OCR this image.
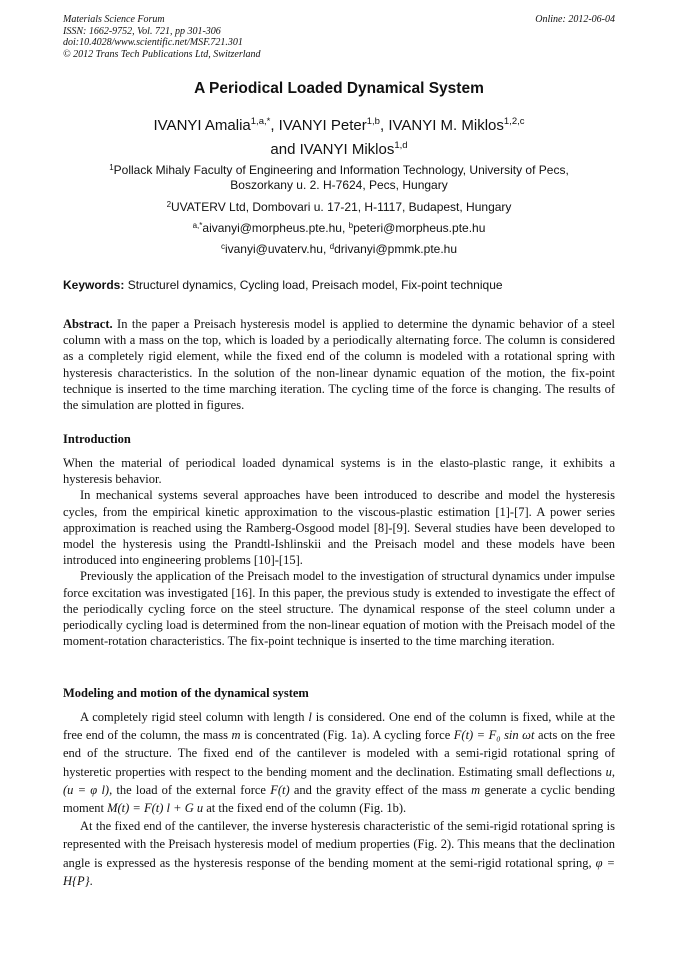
Materials Science Forum
ISSN: 1662-9752, Vol. 721, pp 301-306
doi:10.4028/www.scientific.net/MSF.721.301
© 2012 Trans Tech Publications Ltd, Switzerland
Online: 2012-06-04
A Periodical Loaded Dynamical System
IVANYI Amalia$^{1,a,*}$, IVANYI Peter$^{1,b}$, IVANYI M. Miklos$^{1,2,c}$
and IVANYI Miklos$^{1,d}$
$^1$Pollack Mihaly Faculty of Engineering and Information Technology, University of Pecs,
Boszorkany u. 2. H-7624, Pecs, Hungary
$^2$UVATERV Ltd, Dombovari u. 17-21, H-1117, Budapest, Hungary
$^{a,*}$aivanyi@morpheus.pte.hu, $^b$peteri@morpheus.pte.hu
$^c$ivanyi@uvaterv.hu, $^d$drivanyi@pmmk.pte.hu
Keywords: Structurel dynamics, Cycling load, Preisach model, Fix-point technique

Abstract. In the paper a Preisach hysteresis model is applied to determine the dynamic behavior of a steel column with a mass on the top, which is loaded by a periodically alternating force. The column is considered as a completely rigid element, while the fixed end of the column is modeled with a rotational spring with hysteresis characteristics. In the solution of the non-linear dynamic equation of the motion, the fix-point technique is inserted to the time marching iteration. The cycling time of the force is changing. The results of the simulation are plotted in figures.

Introduction

When the material of periodical loaded dynamical systems is in the elasto-plastic range, it exhibits a hysteresis behavior.

In mechanical systems several approaches have been introduced to describe and model the hysteresis cycles, from the empirical kinetic approximation to the viscous-plastic estimation [1]-[7]. A power series approximation is reached using the Ramberg-Osgood model [8]-[9]. Several studies have been developed to model the hysteresis using the Prandtl-Ishlinskii and the Preisach model and these models have been introduced into engineering problems [10]-[15].

Previously the application of the Preisach model to the investigation of structural dynamics under impulse force excitation was investigated [16]. In this paper, the previous study is extended to investigate the effect of the periodically cycling force on the steel structure. The dynamical response of the steel column under a periodically cycling load is determined from the non-linear equation of motion with the Preisach model of the moment-rotation characteristics. The fix-point technique is inserted to the time marching iteration.

Modeling and motion of the dynamical system

A completely rigid steel column with length l is considered. One end of the column is fixed, while at the free end of the column, the mass m is concentrated (Fig. 1a). A cycling force F(t) = F₀ sin ωt acts on the free end of the structure. The fixed end of the cantilever is modeled with a semi-rigid rotational spring of hysteretic properties with respect to the bending moment and the declination. Estimating small deflections u, (u = φ l), the load of the external force F(t) and the gravity effect of the mass m generate a cyclic bending moment M(t) = F(t) l + G u at the fixed end of the column (Fig. 1b).

At the fixed end of the cantilever, the inverse hysteresis characteristic of the semi-rigid rotational spring is represented with the Preisach hysteresis model of medium properties (Fig. 2). This means that the declination angle is expressed as the hysteresis response of the bending moment at the semi-rigid rotational spring, φ = H{P}.
